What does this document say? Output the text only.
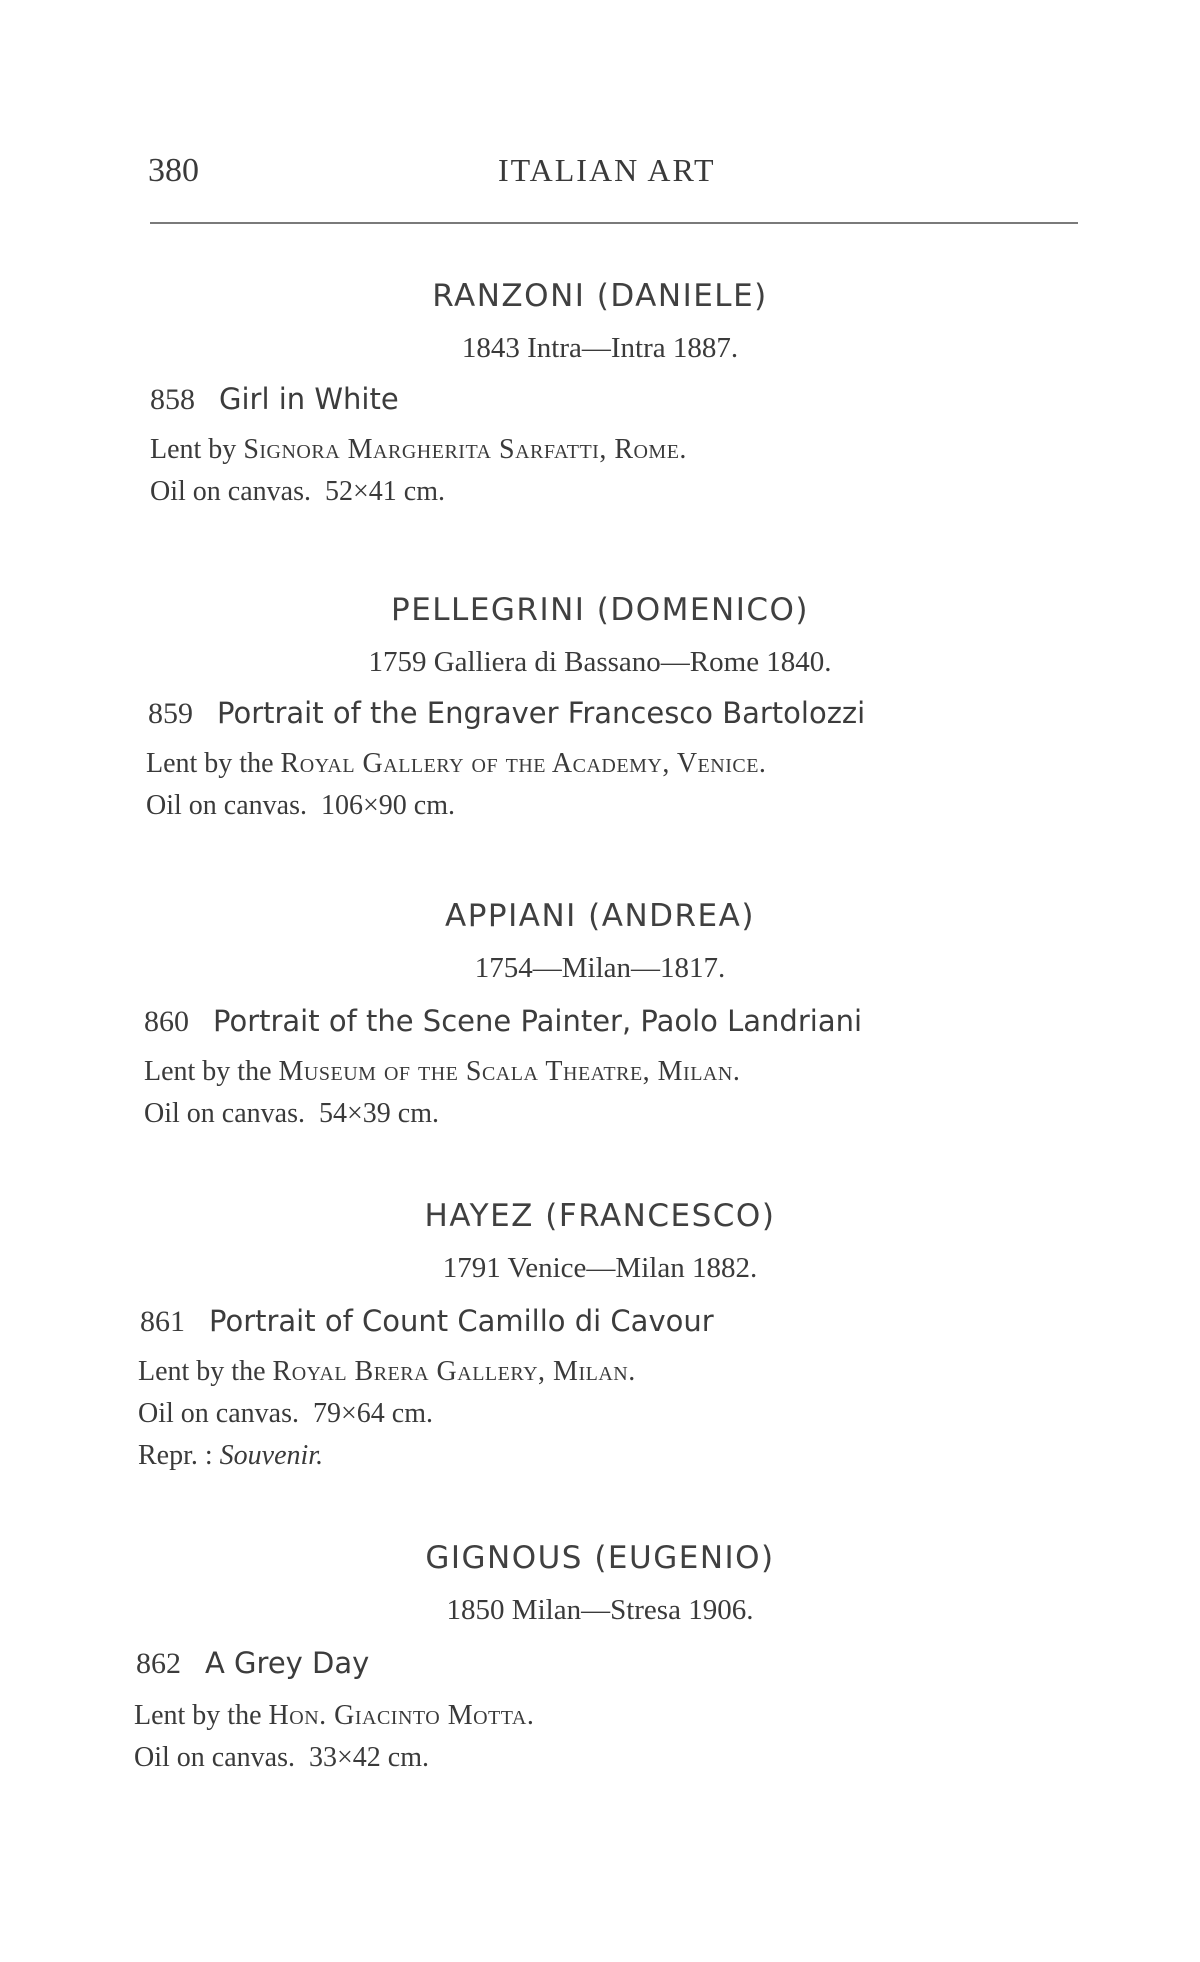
380	ITALIAN ART
RANZONI (DANIELE)
1843 Intra—Intra 1887.
858 Girl in White
Lent by Signora Margherita Sarfatti, Rome.
Oil on canvas. 52×41 cm.
PELLEGRINI (DOMENICO)
1759 Galliera di Bassano—Rome 1840.
859 Portrait of the Engraver Francesco Bartolozzi
Lent by the Royal Gallery of the Academy, Venice.
Oil on canvas. 106×90 cm.
APPIANI (ANDREA)
1754—Milan—1817.
860 Portrait of the Scene Painter, Paolo Landriani
Lent by the Museum of the Scala Theatre, Milan.
Oil on canvas. 54×39 cm.
HAYEZ (FRANCESCO)
1791 Venice—Milan 1882.
861 Portrait of Count Camillo di Cavour
Lent by the Royal Brera Gallery, Milan.
Oil on canvas. 79×64 cm.
Repr. : Souvenir.
GIGNOUS (EUGENIO)
1850 Milan—Stresa 1906.
862 A Grey Day
Lent by the Hon. Giacinto Motta.
Oil on canvas. 33×42 cm.
